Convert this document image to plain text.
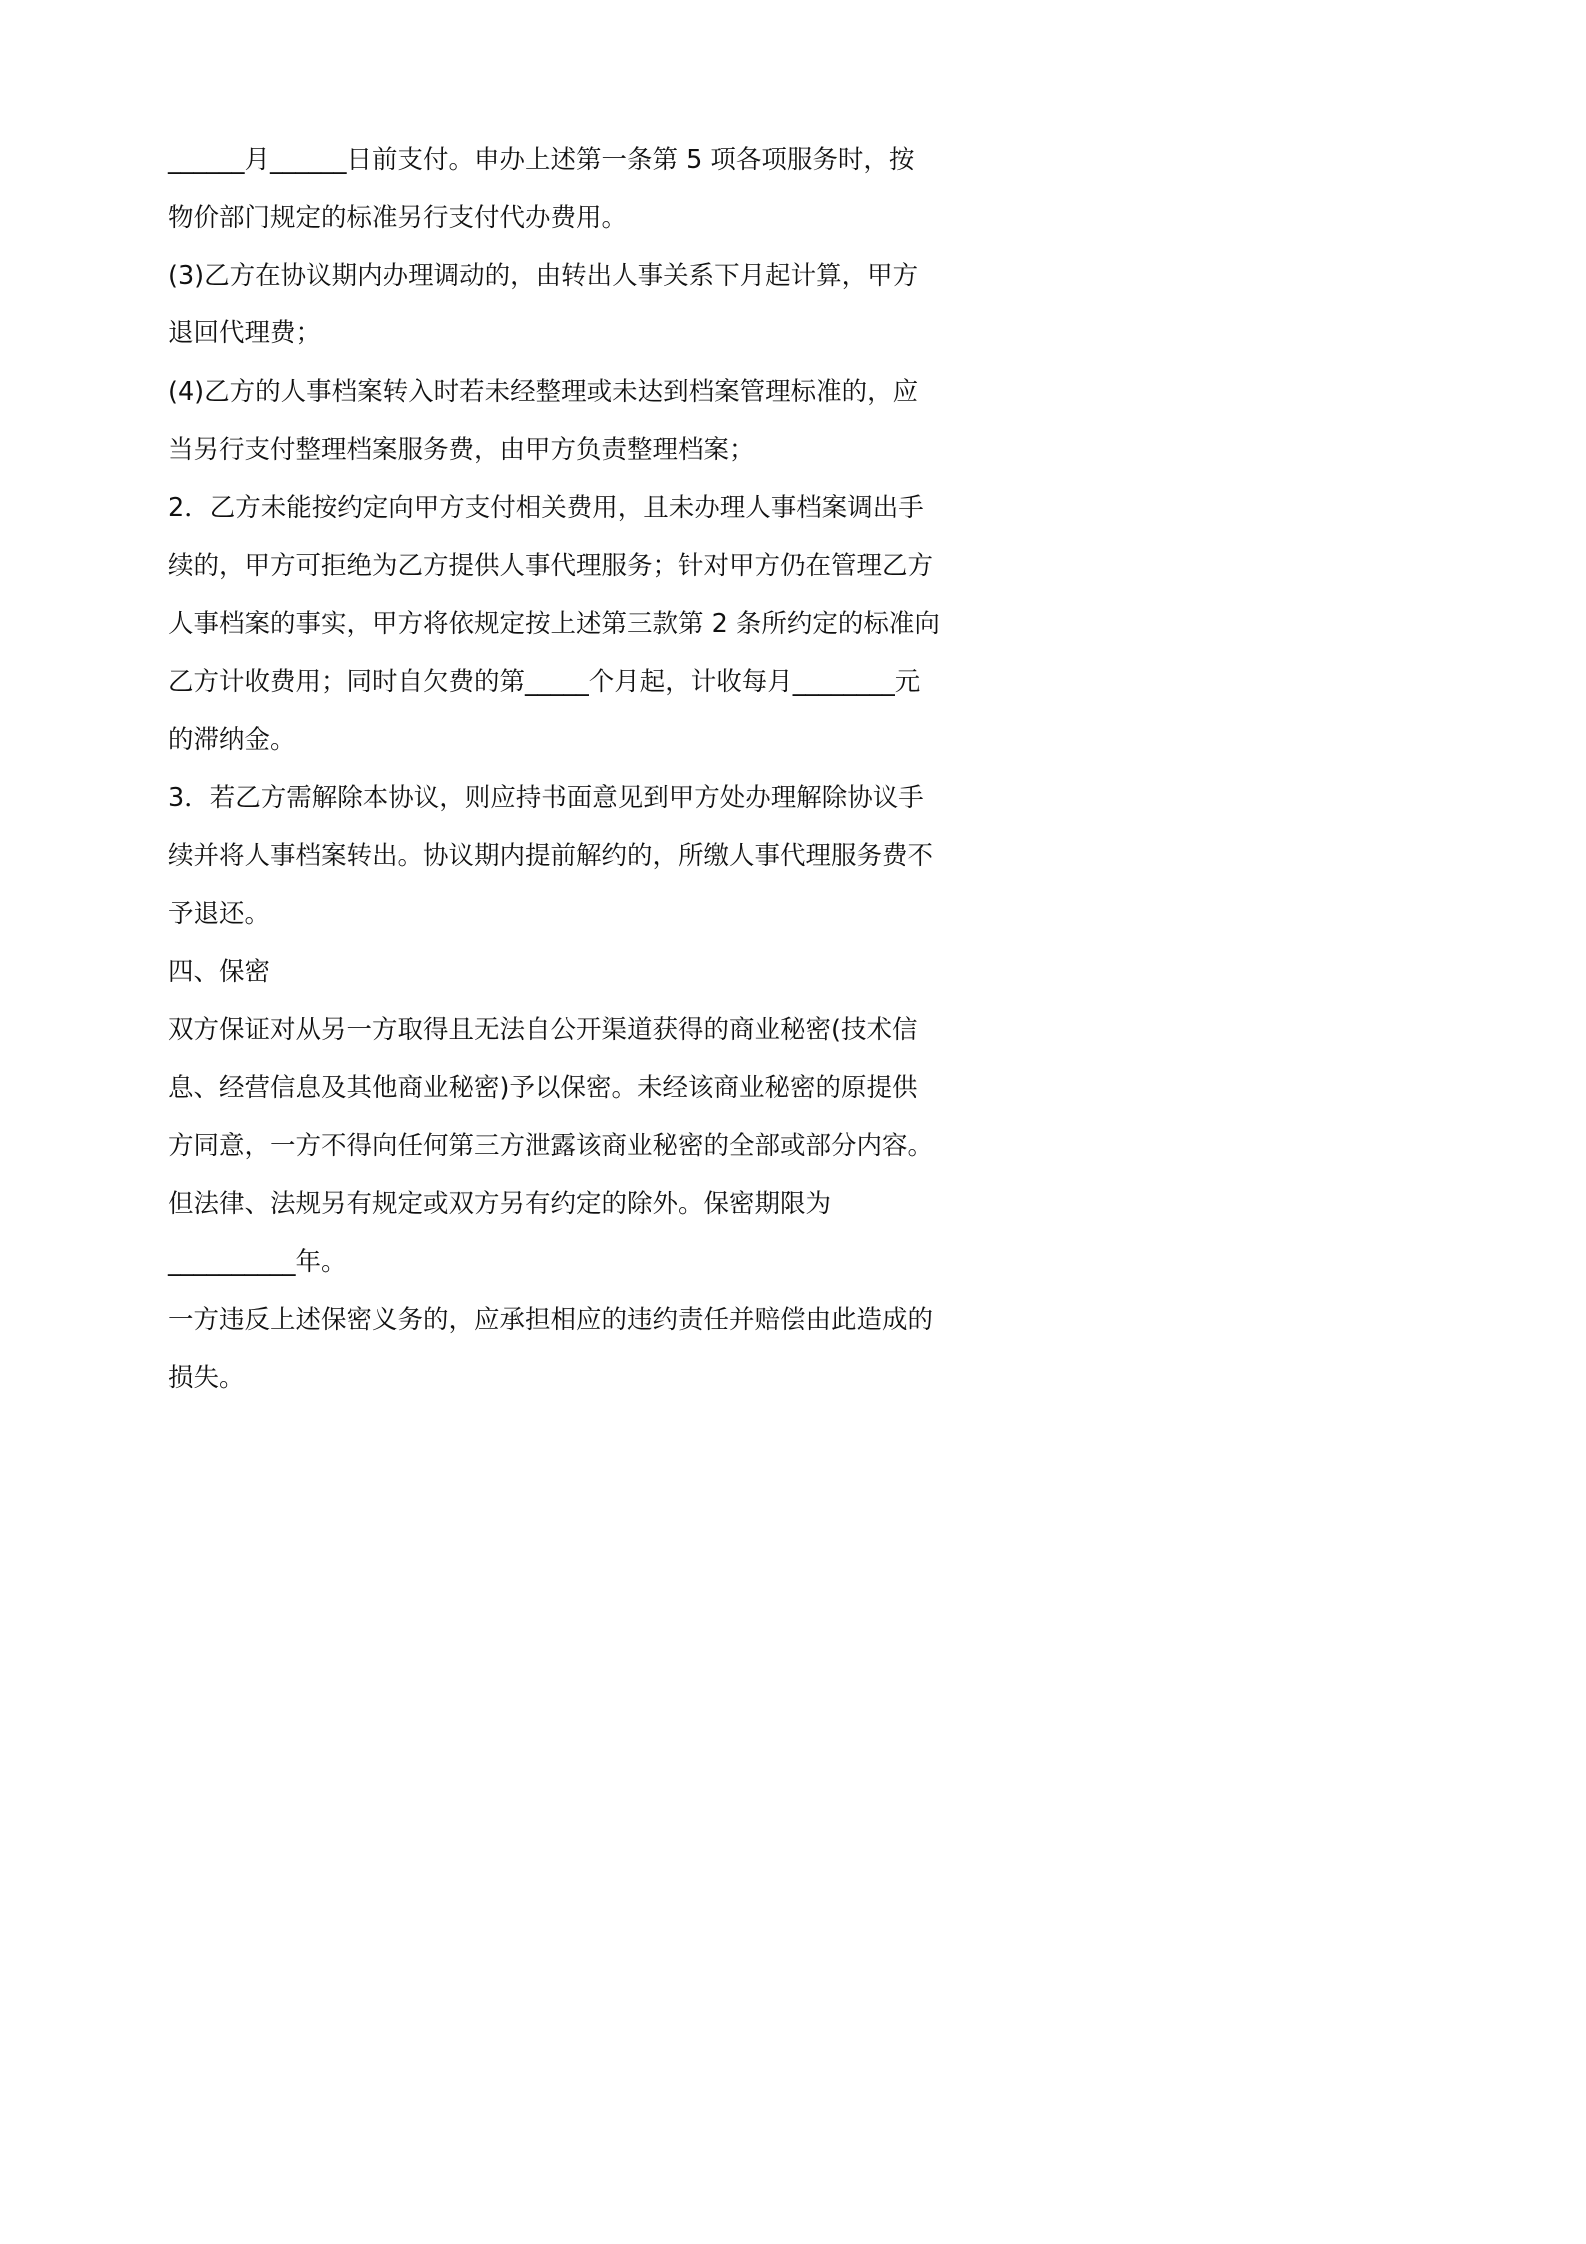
______月______日前支付。申办上述第一条第 5 项各项服务时，按
物价部门规定的标准另行支付代办费用。
(3)乙方在协议期内办理调动的，由转出人事关系下月起计算，甲方
退回代理费；
(4)乙方的人事档案转入时若未经整理或未达到档案管理标准的，应
当另行支付整理档案服务费，由甲方负责整理档案；
2．乙方未能按约定向甲方支付相关费用，且未办理人事档案调出手
续的，甲方可拒绝为乙方提供人事代理服务；针对甲方仍在管理乙方
人事档案的事实，甲方将依规定按上述第三款第 2 条所约定的标准向
乙方计收费用；同时自欠费的第_____个月起，计收每月________元
的滞纳金。
3．若乙方需解除本协议，则应持书面意见到甲方处办理解除协议手
续并将人事档案转出。协议期内提前解约的，所缴人事代理服务费不
予退还。
四、保密
双方保证对从另一方取得且无法自公开渠道获得的商业秘密(技术信
息、经营信息及其他商业秘密)予以保密。未经该商业秘密的原提供
方同意，一方不得向任何第三方泄露该商业秘密的全部或部分内容。
但法律、法规另有规定或双方另有约定的除外。保密期限为
__________年。
一方违反上述保密义务的，应承担相应的违约责任并赔偿由此造成的
损失。
